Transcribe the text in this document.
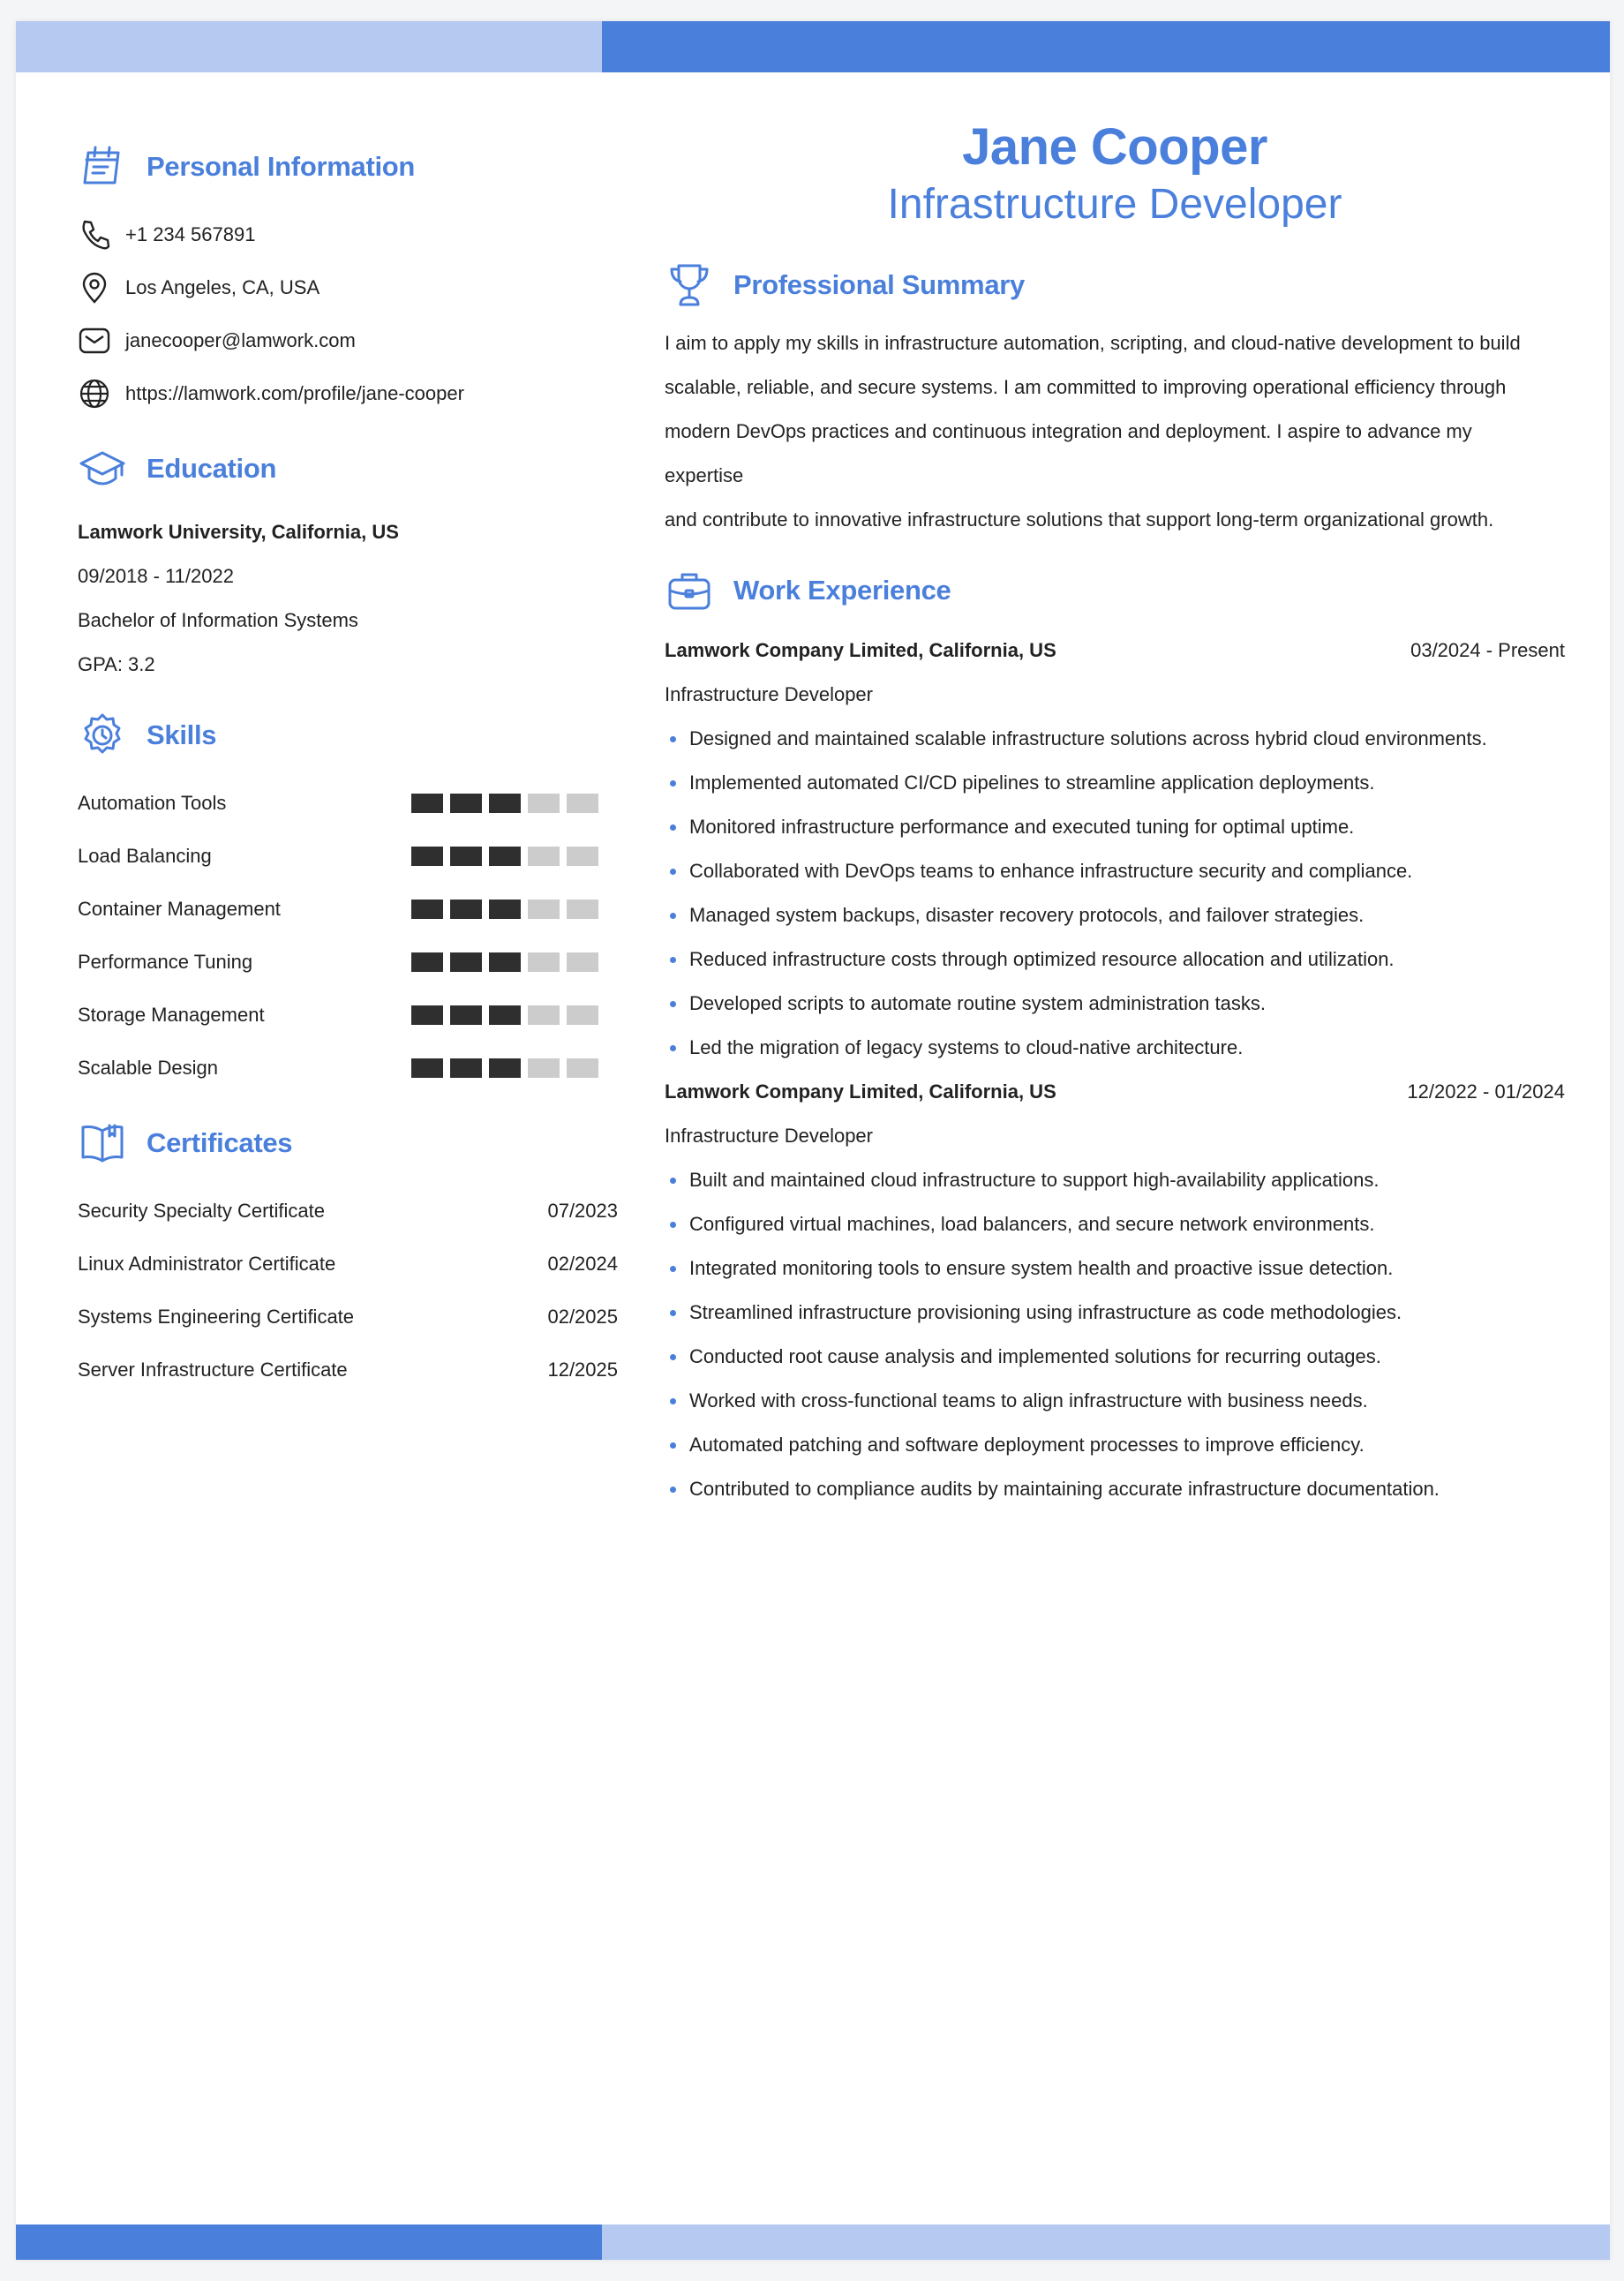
Personal Information
+1 234 567891
Los Angeles, CA, USA
janecooper@lamwork.com
https://lamwork.com/profile/jane-cooper
Education
Lamwork University, California, US
09/2018 - 11/2022
Bachelor of Information Systems
GPA: 3.2
Skills
Automation Tools
Load Balancing
Container Management
Performance Tuning
Storage Management
Scalable Design
Certificates
Security Specialty Certificate	07/2023
Linux Administrator Certificate	02/2024
Systems Engineering Certificate	02/2025
Server Infrastructure Certificate	12/2025
Jane Cooper
Infrastructure Developer
Professional Summary
I aim to apply my skills in infrastructure automation, scripting, and cloud-native development to build
scalable, reliable, and secure systems. I am committed to improving operational efficiency through
modern DevOps practices and continuous integration and deployment. I aspire to advance my expertise
and contribute to innovative infrastructure solutions that support long-term organizational growth.
Work Experience
Lamwork Company Limited, California, US	03/2024 - Present
Infrastructure Developer
Designed and maintained scalable infrastructure solutions across hybrid cloud environments.
Implemented automated CI/CD pipelines to streamline application deployments.
Monitored infrastructure performance and executed tuning for optimal uptime.
Collaborated with DevOps teams to enhance infrastructure security and compliance.
Managed system backups, disaster recovery protocols, and failover strategies.
Reduced infrastructure costs through optimized resource allocation and utilization.
Developed scripts to automate routine system administration tasks.
Led the migration of legacy systems to cloud-native architecture.
Lamwork Company Limited, California, US	12/2022 - 01/2024
Infrastructure Developer
Built and maintained cloud infrastructure to support high-availability applications.
Configured virtual machines, load balancers, and secure network environments.
Integrated monitoring tools to ensure system health and proactive issue detection.
Streamlined infrastructure provisioning using infrastructure as code methodologies.
Conducted root cause analysis and implemented solutions for recurring outages.
Worked with cross-functional teams to align infrastructure with business needs.
Automated patching and software deployment processes to improve efficiency.
Contributed to compliance audits by maintaining accurate infrastructure documentation.
